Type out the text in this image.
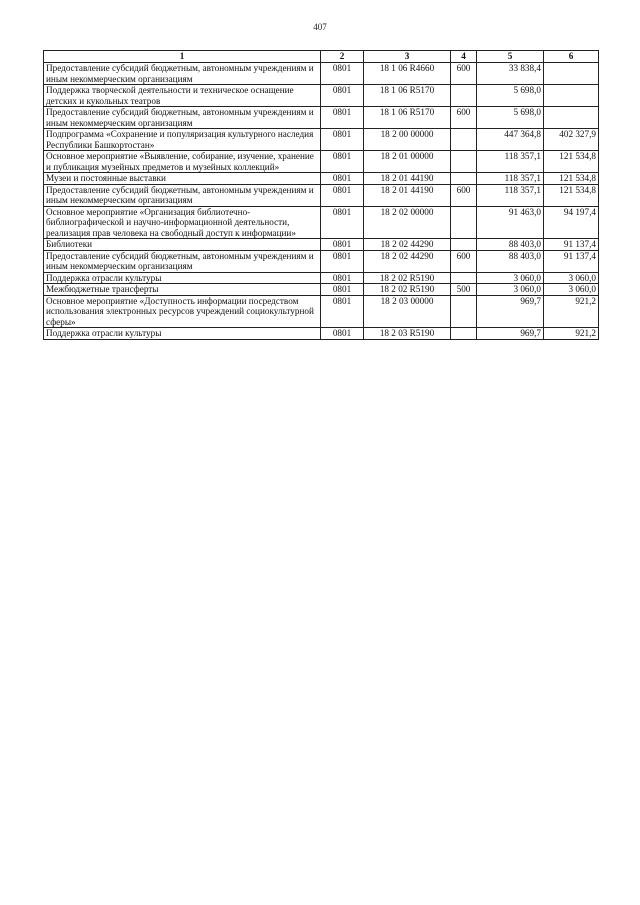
407
1	2	3	4	5	6
Предоставление субсидий бюджетным, автономным учреждениям и иным некоммерческим организациям	0801	18 1 06 R4660	600	33 838,4	
Поддержка творческой деятельности и техническое оснащение детских и кукольных театров	0801	18 1 06 R5170		5 698,0	
Предоставление субсидий бюджетным, автономным учреждениям и иным некоммерческим организациям	0801	18 1 06 R5170	600	5 698,0	
Подпрограмма «Сохранение и популяризация культурного наследия Республики Башкортостан»	0801	18 2 00 00000		447 364,8	402 327,9
Основное мероприятие «Выявление, собирание, изучение, хранение и публикация музейных предметов и музейных коллекций»	0801	18 2 01 00000		118 357,1	121 534,8
Музеи и постоянные выставки	0801	18 2 01 44190		118 357,1	121 534,8
Предоставление субсидий бюджетным, автономным учреждениям и иным некоммерческим организациям	0801	18 2 01 44190	600	118 357,1	121 534,8
Основное мероприятие «Организация библиотечно-библиографической и научно-информационной деятельности, реализация прав человека на свободный доступ к информации»	0801	18 2 02 00000		91 463,0	94 197,4
Библиотеки	0801	18 2 02 44290		88 403,0	91 137,4
Предоставление субсидий бюджетным, автономным учреждениям и иным некоммерческим организациям	0801	18 2 02 44290	600	88 403,0	91 137,4
Поддержка отрасли культуры	0801	18 2 02 R5190		3 060,0	3 060,0
Межбюджетные трансферты	0801	18 2 02 R5190	500	3 060,0	3 060,0
Основное мероприятие «Доступность информации посредством использования электронных ресурсов учреждений социокультурной сферы»	0801	18 2 03 00000		969,7	921,2
Поддержка отрасли культуры	0801	18 2 03 R5190		969,7	921,2
